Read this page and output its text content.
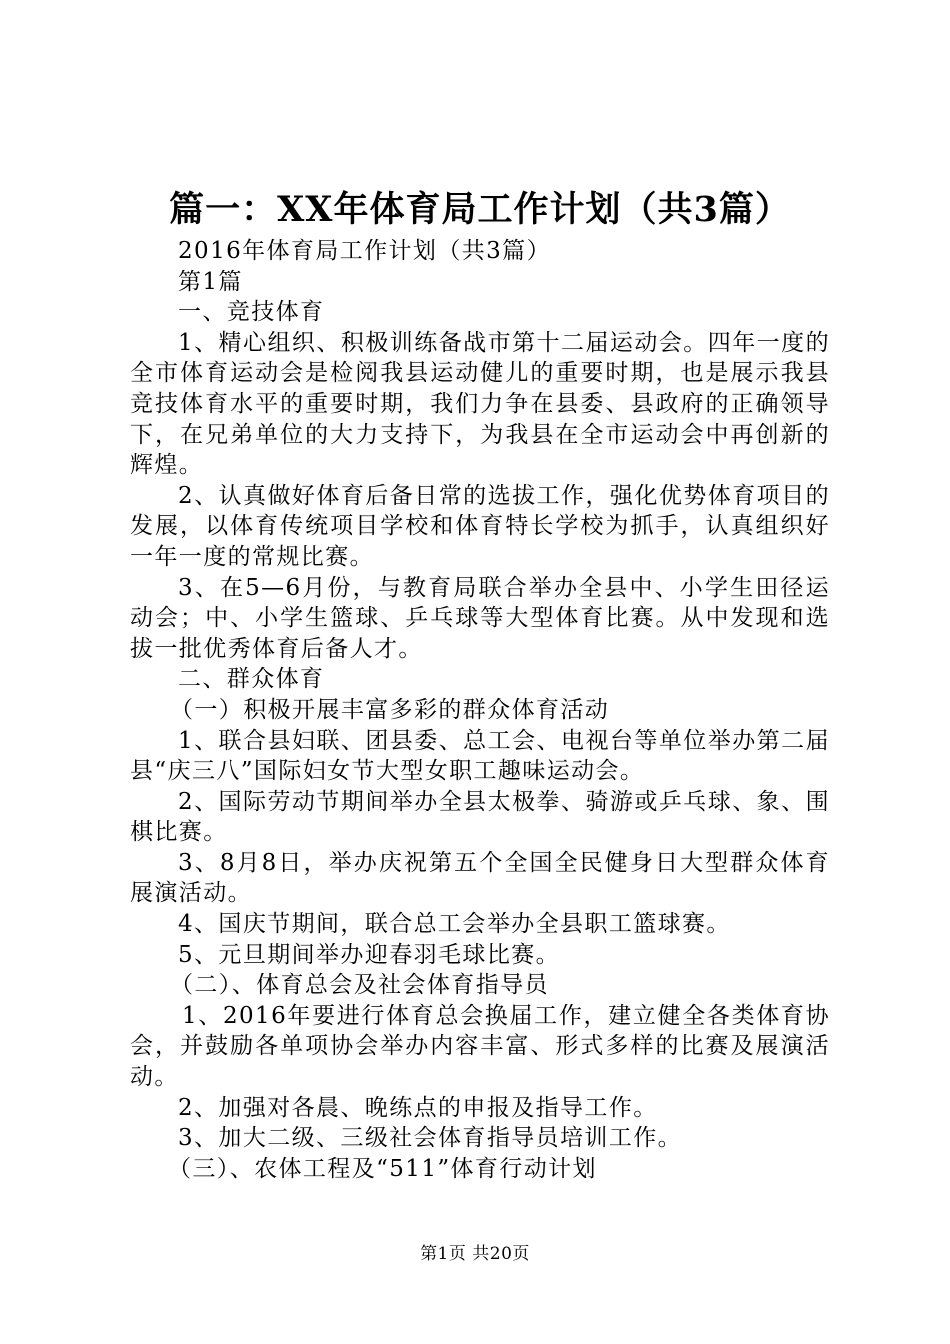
篇一：XX年体育局工作计划（共3篇）

2016年体育局工作计划（共3篇）

第1篇

一、竞技体育

1、精心组织、积极训练备战市第十二届运动会。四年一度的全市体育运动会是检阅我县运动健儿的重要时期，也是展示我县竞技体育水平的重要时期，我们力争在县委、县政府的正确领导下，在兄弟单位的大力支持下，为我县在全市运动会中再创新的辉煌。

2、认真做好体育后备日常的选拔工作，强化优势体育项目的发展，以体育传统项目学校和体育特长学校为抓手，认真组织好一年一度的常规比赛。

3、在5—6月份，与教育局联合举办全县中、小学生田径运动会；中、小学生篮球、乒乓球等大型体育比赛。从中发现和选拔一批优秀体育后备人才。

二、群众体育

（一）积极开展丰富多彩的群众体育活动

1、联合县妇联、团县委、总工会、电视台等单位举办第二届县“庆三八”国际妇女节大型女职工趣味运动会。

2、国际劳动节期间举办全县太极拳、骑游或乒乓球、象、围棋比赛。

3、8月8日，举办庆祝第五个全国全民健身日大型群众体育展演活动。

4、国庆节期间，联合总工会举办全县职工篮球赛。

5、元旦期间举办迎春羽毛球比赛。

（二）、体育总会及社会体育指导员

1、2016年要进行体育总会换届工作，建立健全各类体育协会，并鼓励各单项协会举办内容丰富、形式多样的比赛及展演活动。

2、加强对各晨、晚练点的申报及指导工作。

3、加大二级、三级社会体育指导员培训工作。

（三）、农体工程及“511”体育行动计划

第1页 共20页
